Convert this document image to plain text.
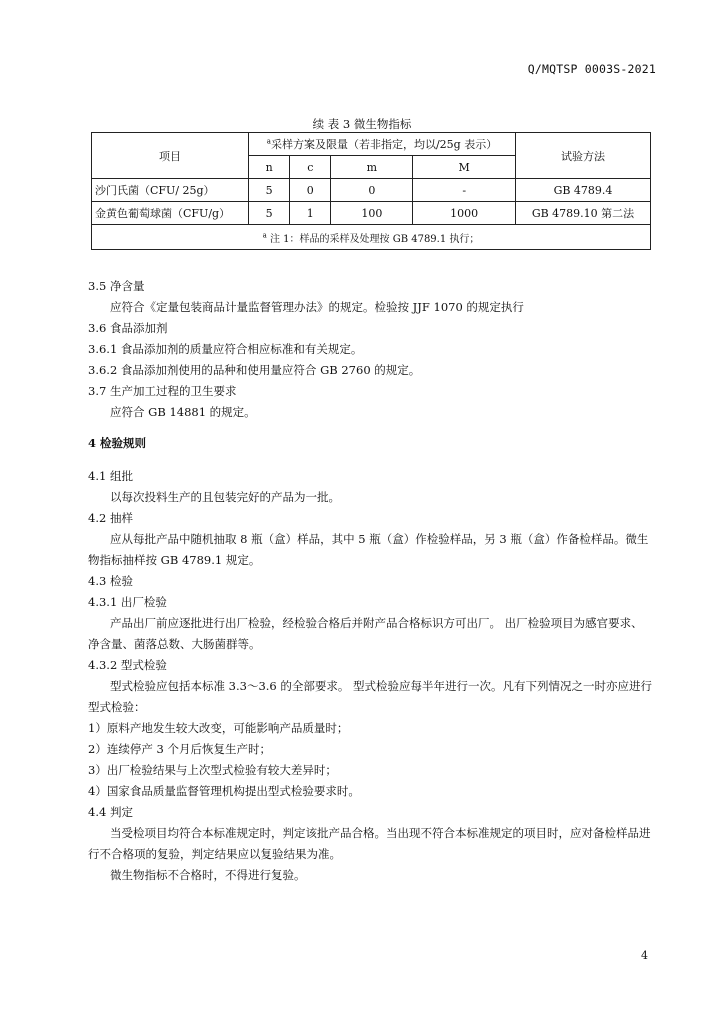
Q/MQTSP 0003S-2021
续 表 3 微生物指标
项目	$^a$采样方案及限量（若非指定，均以/25g 表示）				试验方法
	n	c	m	M	
沙门氏菌（CFU/ 25g）	5	0	0	-	GB 4789.4
金黄色葡萄球菌（CFU/g）	5	1	100	1000	GB 4789.10 第二法
$^a$ 注 1：样品的采样及处理按 GB 4789.1 执行；					
3.5 净含量
应符合《定量包装商品计量监督管理办法》的规定。检验按 JJF 1070 的规定执行
3.6 食品添加剂
3.6.1 食品添加剂的质量应符合相应标准和有关规定。
3.6.2 食品添加剂使用的品种和使用量应符合 GB 2760 的规定。
3.7 生产加工过程的卫生要求
应符合 GB 14881 的规定。
4 检验规则
4.1 组批
以每次投料生产的且包装完好的产品为一批。
4.2 抽样
应从每批产品中随机抽取 8 瓶（盒）样品，其中 5 瓶（盒）作检验样品，另 3 瓶（盒）作备检样品。微生物指标抽样按 GB 4789.1 规定。
4.3 检验
4.3.1 出厂检验
产品出厂前应逐批进行出厂检验，经检验合格后并附产品合格标识方可出厂。 出厂检验项目为感官要求、净含量、菌落总数、大肠菌群等。
4.3.2 型式检验
型式检验应包括本标准 3.3～3.6 的全部要求。 型式检验应每半年进行一次。凡有下列情况之一时亦应进行型式检验：
1）原料产地发生较大改变，可能影响产品质量时；
2）连续停产 3 个月后恢复生产时；
3）出厂检验结果与上次型式检验有较大差异时；
4）国家食品质量监督管理机构提出型式检验要求时。
4.4 判定
当受检项目均符合本标准规定时，判定该批产品合格。当出现不符合本标准规定的项目时，应对备检样品进行不合格项的复验，判定结果应以复验结果为准。
微生物指标不合格时，不得进行复验。
4
